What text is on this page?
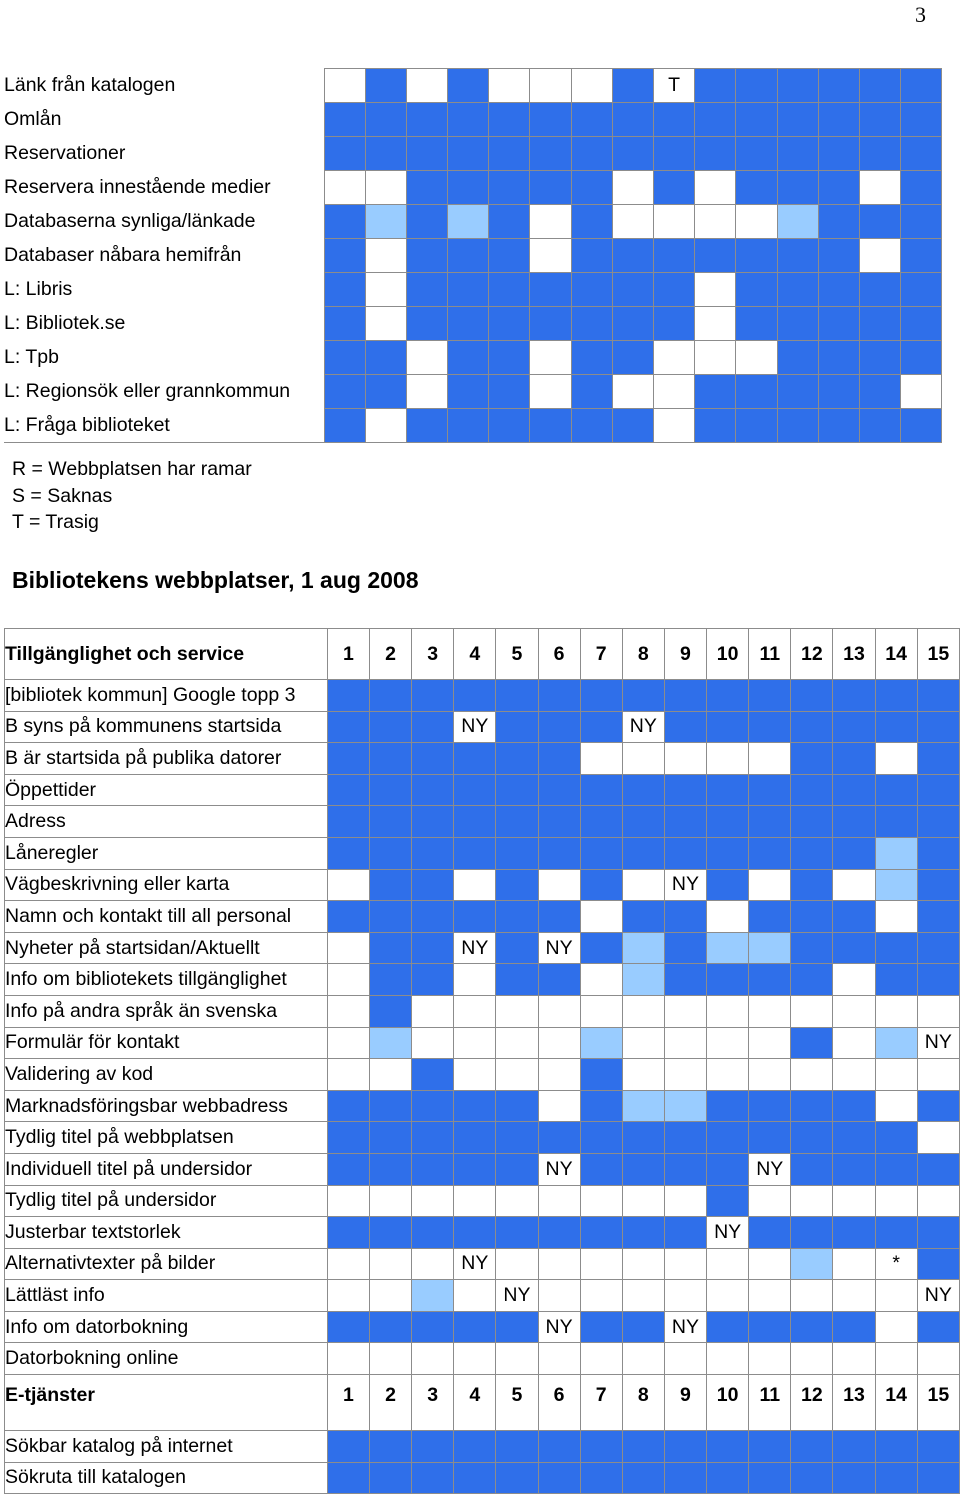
3
Länk från katalogen									T						
Omlån															
Reservationer															
Reservera innestående medier															
Databaserna synliga/länkade															
Databaser nåbara hemifrån															
L: Libris															
L: Bibliotek.se															
L: Tpb															
L: Regionsök eller grannkommun															
L: Fråga biblioteket															
R = Webbplatsen har ramar
S = Saknas
T = Trasig
Bibliotekens webbplatser, 1 aug 2008
Tillgänglighet och service	1	2	3	4	5	6	7	8	9	10	11	12	13	14	15
[bibliotek kommun] Google topp 3															
B syns på kommunens startsida				NY				NY							
B är startsida på publika datorer															
Öppettider															
Adress															
Låneregler															
Vägbeskrivning eller karta									NY						
Namn och kontakt till all personal															
Nyheter på startsidan/Aktuellt				NY		NY									
Info om bibliotekets tillgänglighet															
Info på andra språk än svenska															
Formulär för kontakt															NY
Validering av kod															
Marknadsföringsbar webbadress															
Tydlig titel på webbplatsen															
Individuell titel på undersidor						NY					NY				
Tydlig titel på undersidor															
Justerbar textstorlek										NY					
Alternativtexter på bilder				NY										*	
Lättläst info					NY										NY
Info om datorbokning						NY			NY						
Datorbokning online															
E-tjänster	1	2	3	4	5	6	7	8	9	10	11	12	13	14	15
Sökbar katalog på internet															
Sökruta till katalogen															
